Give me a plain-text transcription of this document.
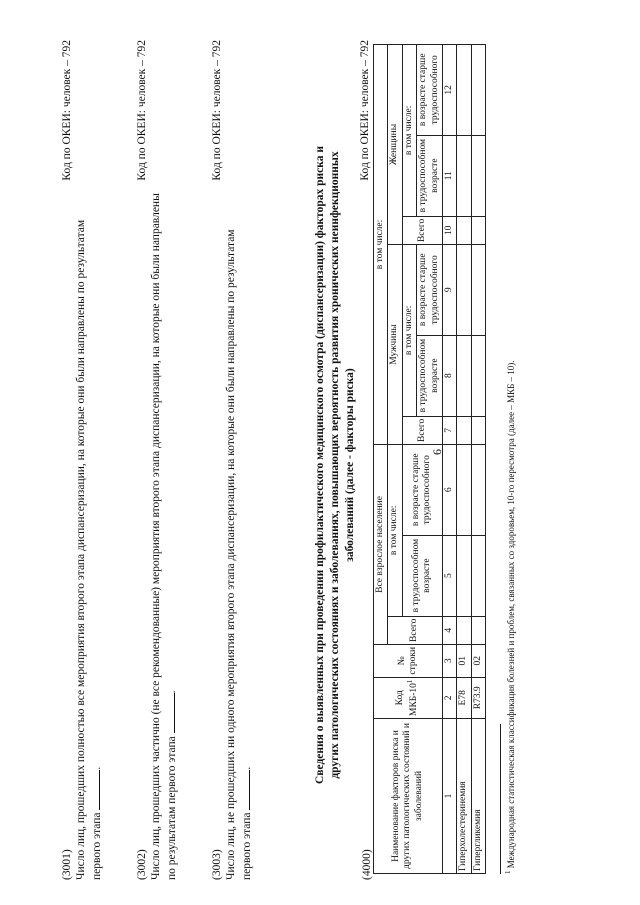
6
(3001)
Код по ОКЕИ: человек – 792
Число лиц, прошедших полностью все мероприятия второго этапа диспансеризации, на которые они были направлены по результатам первого этапа .
(3002)
Код по ОКЕИ: человек – 792
Число лиц, прошедших частично (не все рекомендованные) мероприятия второго этапа диспансеризации, на которые они были направлены по результатам первого этапа .
(3003)
Код по ОКЕИ: человек – 792
Число лиц, не прошедших ни одного мероприятия второго этапа диспансеризации, на которые они были направлены по результатам первого этапа .	Сведения о выявленных при проведении профилактического медицинского осмотра (диспансеризации) факторах риска и других патологических состояниях и заболеваниях, повышающих вероятность развития хронических неинфекционных заболеваний (далее - факторы риска)
(4000)
Код по ОКЕИ: человек – 792
Наименование факторов риска и других патологических состояний и заболеваний	Код МКБ-$10^1$	№ строки	Все взрослое население			в том числе:					
			Всего	в том числе:		Мужчины			Женщины		
				в трудоспособном возрасте	в возрасте старше трудоспособного	Всего	в том числе:		Всего	в том числе:	
							в трудоспособном возрасте	в возрасте старше трудоспособного		в трудоспособном возрасте	в возрасте старше трудоспособного
1	2	3	4	5	6	7	8	9	10	11	12
Гиперхолестеринемия	E78	01									
Гипергликемия	R73.9	02									
$^1$ Международная статистическая классификация болезней и проблем, связанных со здоровьем, 10-го пересмотра (далее – МКБ – 10).
